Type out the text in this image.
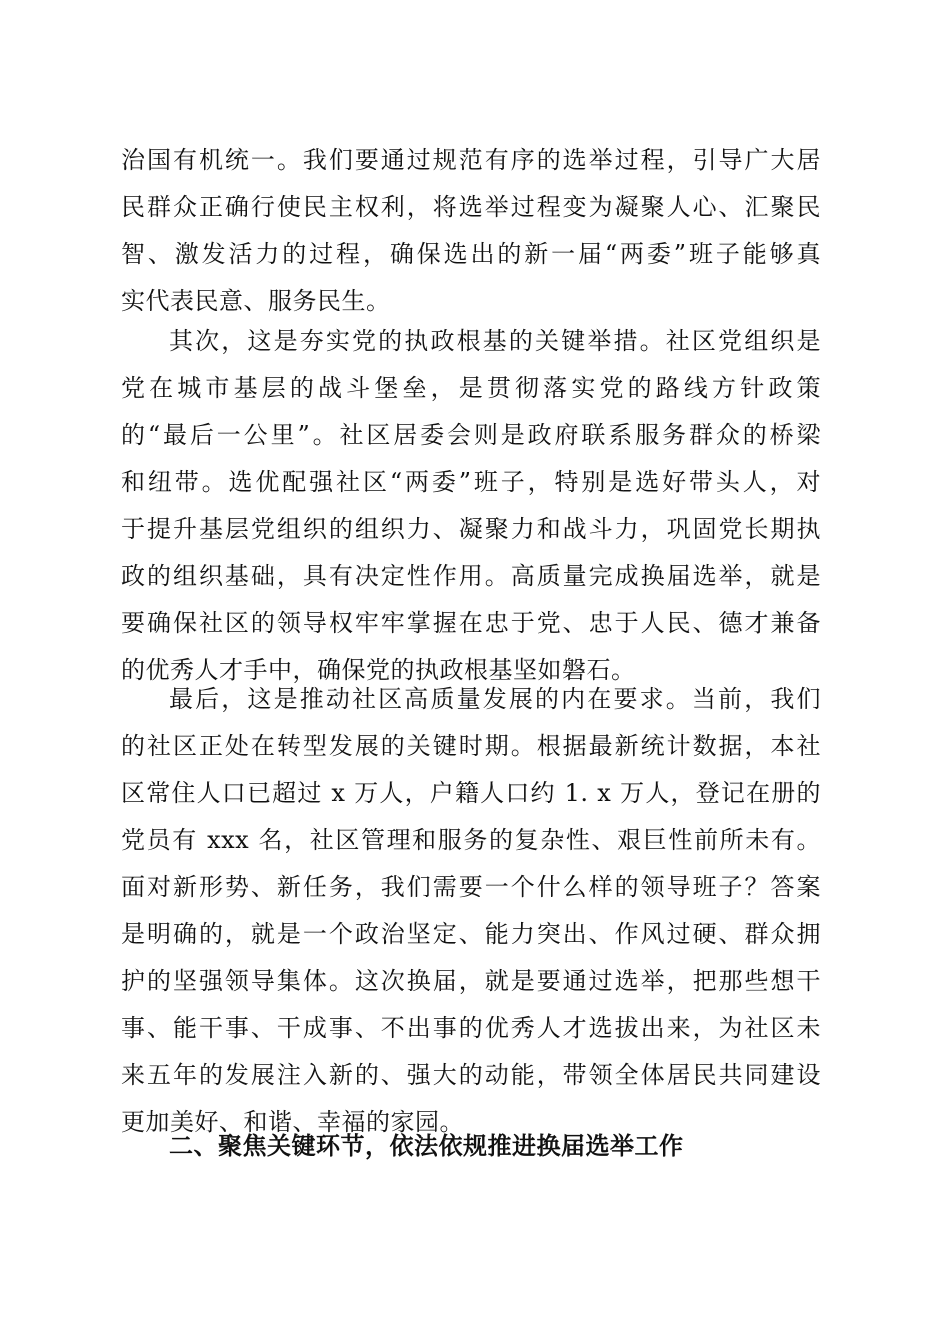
治国有机统一。我们要通过规范有序的选举过程，引导广大居
民群众正确行使民主权利，将选举过程变为凝聚人心、汇聚民
智、激发活力的过程，确保选出的新一届“两委”班子能够真
实代表民意、服务民生。
其次，这是夯实党的执政根基的关键举措。社区党组织是
党在城市基层的战斗堡垒，是贯彻落实党的路线方针政策
的“最后一公里”。社区居委会则是政府联系服务群众的桥梁
和纽带。选优配强社区“两委”班子，特别是选好带头人，对
于提升基层党组织的组织力、凝聚力和战斗力，巩固党长期执
政的组织基础，具有决定性作用。高质量完成换届选举，就是
要确保社区的领导权牢牢掌握在忠于党、忠于人民、德才兼备
的优秀人才手中，确保党的执政根基坚如磐石。
最后，这是推动社区高质量发展的内在要求。当前，我们
的社区正处在转型发展的关键时期。根据最新统计数据，本社
区常住人口已超过 x 万人，户籍人口约 1. x 万人，登记在册的
党员有 xxx 名，社区管理和服务的复杂性、艰巨性前所未有。
面对新形势、新任务，我们需要一个什么样的领导班子？答案
是明确的，就是一个政治坚定、能力突出、作风过硬、群众拥
护的坚强领导集体。这次换届，就是要通过选举，把那些想干
事、能干事、干成事、不出事的优秀人才选拔出来，为社区未
来五年的发展注入新的、强大的动能，带领全体居民共同建设
更加美好、和谐、幸福的家园。
二、聚焦关键环节，依法依规推进换届选举工作
